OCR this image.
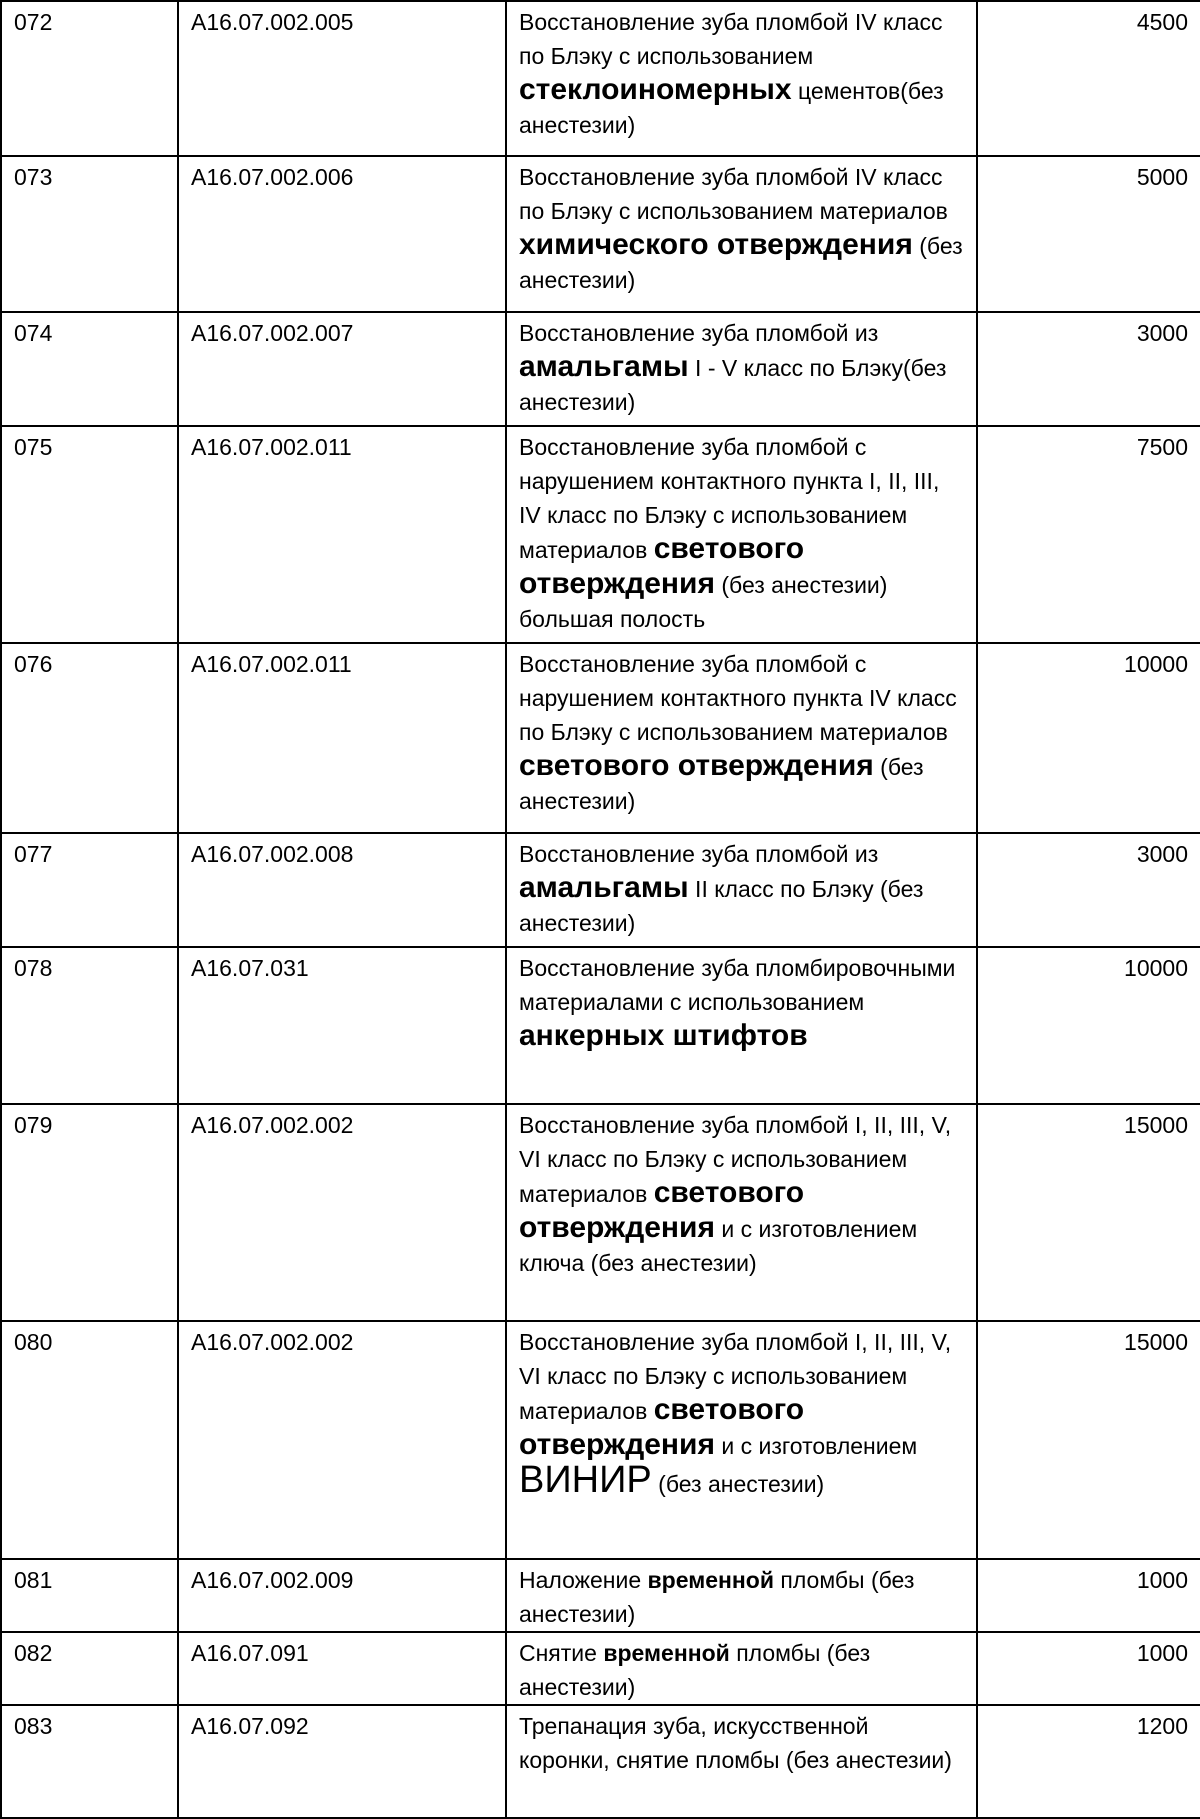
072	A16.07.002.005	Восстановление зуба пломбой IV класс по Блэку с использованием стеклоиномерных цементов(без анестезии)	4500
073	A16.07.002.006	Восстановление зуба пломбой IV класс по Блэку с использованием материалов химического отверждения (без анестезии)	5000
074	A16.07.002.007	Восстановление зуба пломбой из амальгамы I - V класс по Блэку(без анестезии)	3000
075	A16.07.002.011	Восстановление зуба пломбой с нарушением контактного пункта I, II, III, IV класс по Блэку с использованием материалов светового отверждения (без анестезии) большая полость	7500
076	A16.07.002.011	Восстановление зуба пломбой с нарушением контактного пункта IV класс по Блэку с использованием материалов светового отверждения (без анестезии)	10000
077	A16.07.002.008	Восстановление зуба пломбой из амальгамы II класс по Блэку (без анестезии)	3000
078	A16.07.031	Восстановление зуба пломбировочными материалами с использованием анкерных штифтов	10000
079	A16.07.002.002	Восстановление зуба пломбой I, II, III, V, VI класс по Блэку с использованием материалов светового отверждения и с изготовлением ключа (без анестезии)	15000
080	A16.07.002.002	Восстановление зуба пломбой I, II, III, V, VI класс по Блэку с использованием материалов светового отверждения и с изготовлением ВИНИР (без анестезии)	15000
081	A16.07.002.009	Наложение временной пломбы (без анестезии)	1000
082	A16.07.091	Снятие временной пломбы (без анестезии)	1000
083	A16.07.092	Трепанация зуба, искусственной коронки, снятие пломбы (без анестезии)	1200
